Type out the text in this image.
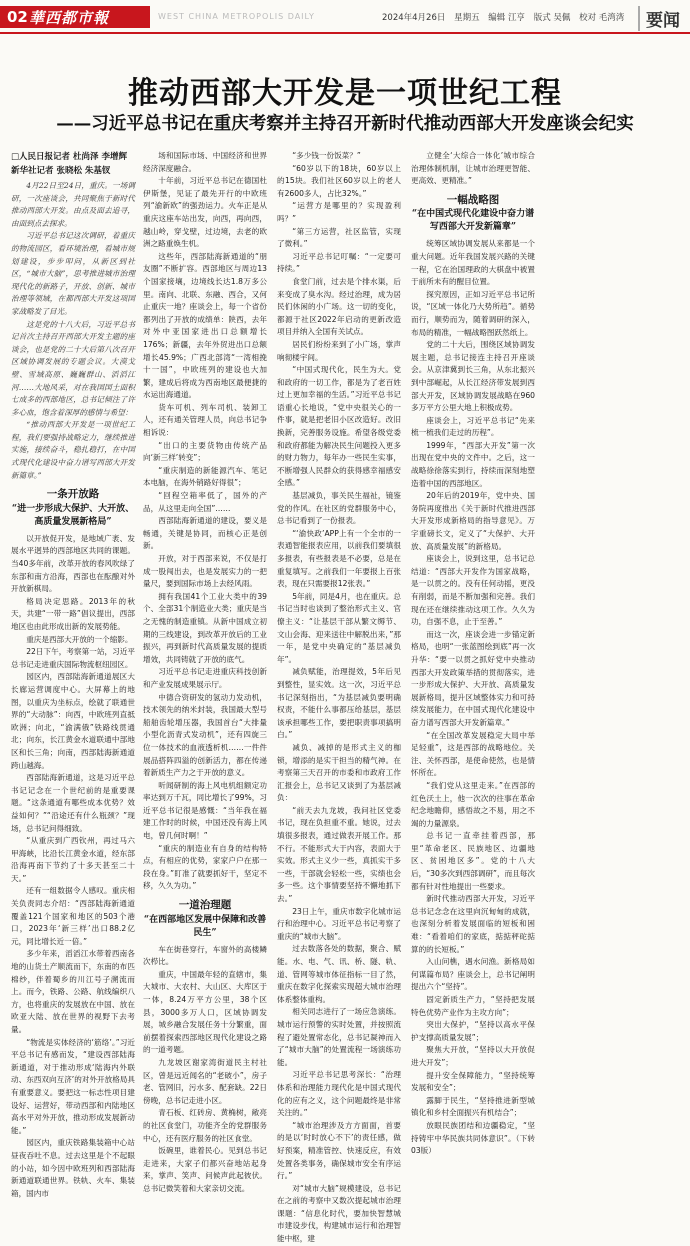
02 華西都市報	WEST CHINA METROPOLIS DAILY	2024年4月26日 星期五 编辑 江亨 版式 吴佩 校对 毛湾湾	要闻
推动西部大开发是一项世纪工程
——习近平总书记在重庆考察并主持召开新时代推动西部大开发座谈会纪实
□人民日报记者 杜尚泽 李增辉
新华社记者 张晓松 朱基钗

4月22日至24日，重庆。一场调研，一次座谈会，共同聚焦于新时代推动西部大开发。由点及面去追寻，由面到点去探求。

习近平总书记这次调研，着重庆的物流园区，看环境治理，看城市规划建设，步步叩问，从新区到社区，“城市大脑”，思考推进城市治理现代化的新路子，开放、创新、城市治理等领域，在都西部大开发这项国家战略发了目光。

这是党的十八大后，习近平总书记首次主持召开西部大开发主题的座谈会，也是党的二十大后第八次召开区域协调发展的专题会议。大漠戈壁、雪域高原、巍巍群山、滔滔江河……大地风采，对在我国国土面积七成多的西部地区，总书记倾注了许多心血，饱含着深厚的感情与希望：

“推动西部大开发是一项世纪工程，我们要强持战略定力，继续推进实施，接续奋斗，稳扎稳打，在中国式现代化建设中奋力谱写西部大开发新篇章。”

一条开放路
“进一步形成大保护、大开放、高质量发展新格局”

以开放促开发，是地域广袤、发展水平迥异的西部地区共同的课题。当40多年前，改革开放的春风吹绿了东部和南方沿海，西部也在酝酿对外开放新棋局。

格局决定思路。2013年的秋天，共建“一带一路”倡议提出，西部地区也由此形成出新的发展势能。

重庆是西部大开放的一个缩影。

22日下午，考察第一站，习近平总书记走进重庆国际物流枢纽园区。

园区内，西部陆海新通道展区大长廊运营调度中心。大屏幕上的地图，以重庆为坐标点，绘就了联通世界的“大动脉”：向西，中欧班列直抵欧洲；向北，“渝满俄”铁路线贯通北；向东，长江黄金水道联通中部地区和长三角；向南，西部陆海新通道跨山越海。

西部陆海新通道，这是习近平总书记记念在一个世纪前的是重要课题。“这条通道有哪些成本优势？效益如何？”“沿途还有什么瓶颈？”现场，总书记问得细致。

“从重庆到广西钦州，再过马六甲海峡，比沿长江黄金水道，经东部沿海再南下节约了十多天甚至二十天。”

还有一组数据令人感叹。重庆相关负责同志介绍：“西部陆海新通道覆盖121个国家和地区的503个港口，2023年‘新三样’出口88.2亿元，同比增长近一倍。”

多少年来，滔滔江水带着西南各地的山货土产顺流而下，东南的布匹棉纱，伴着蜀乡的川江号子溯流而上。而今，铁路、公路、航线编织八方，也将重庆的发展放在中国、放在欧亚大陆、放在世界的视野下去考量。

“物流是实体经济的‘筋络’。”习近平总书记有感而发，“建设西部陆海新通道，对于推动形成‘陆海内外联动、东西双向互济’的对外开放格局具有重要意义。要把这一标志性项目建设好、运营好，带动西部和内陆地区高水平对外开放，推动形成发展新动能。”

园区内，重庆铁路集装箱中心站昼夜吞吐不息。过去这里是个不起眼的小站，如今因中欧班列和西部陆海新通道联通世界。铁轨、火车、集装箱，国内市

场和国际市场、中国经济和世界经济深度融合。

十年前，习近平总书记在德国杜伊斯堡，见证了最先开行的中欧班列“渝新欧”的强劲运力。火车正是从重庆这座车站出发，向西，再向西，越山岭，穿戈壁，过边境，去老的欧洲之路重焕生机。

这些年，西部陆海新通道的“朋友圈”不断扩容。西部地区与周边13个国家接壤，边境线长达1.8万多公里。南向、北联、东融、西合，又何止重庆一地？座谈会上，每一个省份都列出了开放的成绩单：陕西，去年对外中亚国家进出口总额增长176%；新疆，去年外贸进出口总额增长45.9%；广西北部湾“一湾相挽十一国”，中欧班列的建设也大加繁，建成后将成为西南地区最便捷的水运出海通道。

货车可机、列车司机、装卸工人，还有通关管理人员，向总书记争相诉说：

“出口的主要货物由传统产品向‘新三样’转变”；

“重庆制造的新能源汽车、笔记本电脑，在海外销路好得很”；

“回程空箱率低了，国外的产品，从这里走向全国”……

西部陆海新通道的建设，要义是畅通，关键是协同，而核心正是创新。

开放，对于西部来说，不仅是打成一股闯出去，也是发展实力的一把量尺，要到国际市场上去经风雨。

拥有我国41个工业大类中的39个、全部31个制造业大类；重庆是当之无愧的制造重镇。从新中国成立初期的三线建设，到改革开放后的工业振兴，再到新时代高质量发展的提质增效，共同铸就了开放的底气。

习近平总书记走进重庆科技创新和产业发展成果展示厅。

中德合资研发的氢动力发动机，技术领先的纳米封装，我国最大型号船舶齿轮增压器，我国首台“大排量小型化沥青式发动机”，还有四旋三位一体技术的血液透析机……一件件展品搭阵四溢的创新活力，都在传递着新质生产力之于开放的意义。

听闻研制的海上风电机组额定功率达到万千瓦，同比增长了99%，习近平总书记很是感慨：“当年我在福建工作时的时候，中国还没有海上风电，曾几何时啊！”

“重庆的制造业有自身的结构特点，有相应的优势，家家户户在那一段在身。”盯准了就要抓好干，坚定不移，久久为功。”

一道治理题
“在西部地区发展中保障和改善民生”

车在街巷穿行，车窗外的高楼鳞次栉比。

重庆，中国最年轻的直辖市，集大城市、大农村、大山区、大库区于一体，8.24万平方公里，38个区县，3000多万人口，区域协调发展，城乡融合发展任务十分繁重，面前摆着探索西部地区现代化建设之路的一道考题。

九龙坡区谢家湾街道民主村社区，曾是远近闻名的“老破小”，房子老、管网旧，污水多、配套缺。22日傍晚，总书记走进小区。

青石板、红砖房、黄桷树，敞亮的社区食堂门，功能齐全的党群服务中心，还有医疗服务的社区食堂。

饭碗里，谁着民心。见到总书记走进来，大家子们都兴奋地站起身来，掌声、笑声、问候声此起彼伏。总书记微笑着和大家亲切交流。

“多少钱一份饭菜？”

“60岁以下的18块，60岁以上的15块。我们社区60岁以上的老人有2600多人，占比32%。”

“运营方是哪里的？实现盈利吗？”

“第三方运营，社区监管，实现了微利。”

习近平总书记叮嘱：“一定要可持续。”

食堂门前，过去是个排水渠，后来变成了臭水沟。经过治理，成为居民们休闲的小广场。这一切的变化，都源于社区2022年启动的更新改造项目并纳入全国有关试点。

居民们纷纷来到了小广场，掌声响彻楼宇间。

“中国式现代化，民生为大。党和政府的一切工作，都是为了老百姓过上更加幸福的生活。”习近平总书记语重心长地说，“党中央很关心的一件事，就是把老旧小区改造好。改旧换新，完善服务设施。希望各级党委和政府都能为解决民生问题投入更多的财力物力，每年办一些民生实事，不断增强人民群众的获得感幸福感安全感。”

基层减负，事关民生福祉，镜鉴党的作风。在社区的党群服务中心，总书记看到了一份报表。

“‘渝快政’APP上有一个全市的一表通智能报表应用，以前我们要填很多报表，有些报表是不必要，总是在重复填写。之前我们一年要报上百张表，现在只需要报12张表。”

5年前，同是4月，也在重庆。总书记当时也谈到了整治形式主义、官僚主义：“让基层干部从繁文缛节、文山会海、迎来送往中解脱出来，”那一年，是党中央确定的“基层减负年”。

减负赋能，治理提效，5年后见到整性，显实效。这一次，习近平总书记深刻指出，“为基层减负要明确权责，不能什么事都压给基层，基层该承担哪些工作，要把职责事项搞明白。”

减负、减掉的是形式主义的枷锁，增添的是实干担当的精气神。在考察第三天召开的市委和市政府工作汇报会上，总书记又谈到了为基层减负：

“前天去九龙坡，我问社区党委书记，现在负担重不重。她说，过去填很多报表，通过做表开展工作。那不行。不能形式大于内容，表面大于实效。形式主义少一些，真抓实干多一些，干部就会轻松一些，实绩也会多一些。这个事情要坚持不懈地抓下去。”

23日上午，重庆市数字化城市运行和治理中心。习近平总书记考察了重庆的“城市大脑”。

过去数落各处的数据，聚合、赋能。水、电、气、讯、桥、隧、轨、道、管网等城市体征指标一目了然，重庆在数字化探索实现超大城市治理体系整体重构。

相关同志进行了一场应急演练。城市运行预警的实时处置，并按照流程了避处置常态化，总书记凝神而入了“城市大脑”的处置流程一场演练功能。

习近平总书记思考深长：“治理体系和治理能力现代化是中国式现代化的应有之义，这个问题最终是非常关注的。”

“城市治理涉及方方面面，首要的是以‘时时放心不下’的责任感，做好预案，精准管控、快速反应，有效处置各类事务，确保城市安全有序运行。”

对“城市大脑”规模建设，总书记在之前的考察中又数次提起城市治理课题：“信息化时代，要加快智慧城市建设步伐，构建城市运行和治理智能中枢，建

立健全‘大综合一体化’城市综合治理体制机制，让城市治理更智能、更高效、更精准。”

一幅战略图
“在中国式现代化建设中奋力谱写西部大开发新篇章”

统筹区域协调发展从来都是一个重大问题。近年我国发展兴路的关键一程，它在治国理政的大棋盘中被置于前所未有的醒目位置。

探究原因，正如习近平总书记所说，“区域一体化乃大势所趋”。循势而行，顺势而为，随着调研的深入，布局的精准，一幅战略图跃然纸上。

党的二十大后，围绕区域协调发展主题，总书记接连主持召开座谈会。从京津冀到长三角，从东北振兴到中部崛起，从长江经济带发展到西部大开发，区域协调发展战略在960多万平方公里大地上积极成势。

座谈会上，习近平总书记“先来梳一梳我们走过的历程”。

1999年，“西部大开发”第一次出现在党中央的文件中。之后，这一战略徐徐落实到行，持续而深刻地塑造着中国的西部地区。

20年后的2019年，党中央、国务院再度推出《关于新时代推进西部大开发形成新格局的指导意见》。万字重磅长文，定义了“大保护、大开放、高质量发展”的新格局。

座谈会上，说到这里，总书记总结道：“西部大开发作为国家战略，是一以贯之的。没有任何动摇，更没有削弱，而是不断加强和完善。我们现在还在继续推动这项工作。久久为功，自强不息，止于至善。”

而这一次，座谈会进一步锚定新格局，也明“一张蓝图绘到底”再一次升华：“要一以贯之抓好党中央推动西部大开发政策举措的贯彻落实，进一步形成大保护、大开放、高质量发展新格局，提升区域整体实力和可持续发展能力，在中国式现代化建设中奋力谱写西部大开发新篇章。”

“在全国改革发展稳定大局中举足轻重”，这是西部的战略地位。关注、关怀西部，是使命使然，也是情怀所在。

“我们党从这里走来。”在西部的红色沃土上，他一次次的往事在革命纪念地瞻仰，感悟故之不易，用之不竭的力量源泉。

总书记一直牵挂着西部，那里“革命老区、民族地区、边疆地区、贫困地区多”。党的十八大后，“30多次到西部调研”，而且每次都有针对性地提出一些要求。

新时代推动西部大开发，习近平总书记念念在这里向沉甸甸的成就，也深刻分析着发展面临的短板和困难：“看着咱们的家底，掂掂秤砣掂算的的长短板。”

入山问樵，遇水问渔。新格局如何谋篇布局？座谈会上，总书记阐明提出六个“坚持”。

固定新质生产力，“坚持把发展特色优势产业作为主攻方向”；

突出大保护，“坚持以高水平保护支撑高质量发展”；

聚焦大开放，“坚持以大开放促进大开发”；

提升安全保障能力，“坚持统筹发展和安全”；

露脚于民生，“坚持推进新型城镇化和乡村全面振兴有机结合”；

放眼民族团结和边疆稳定，“坚持铸牢中华民族共同体意识”。（下转03版）
